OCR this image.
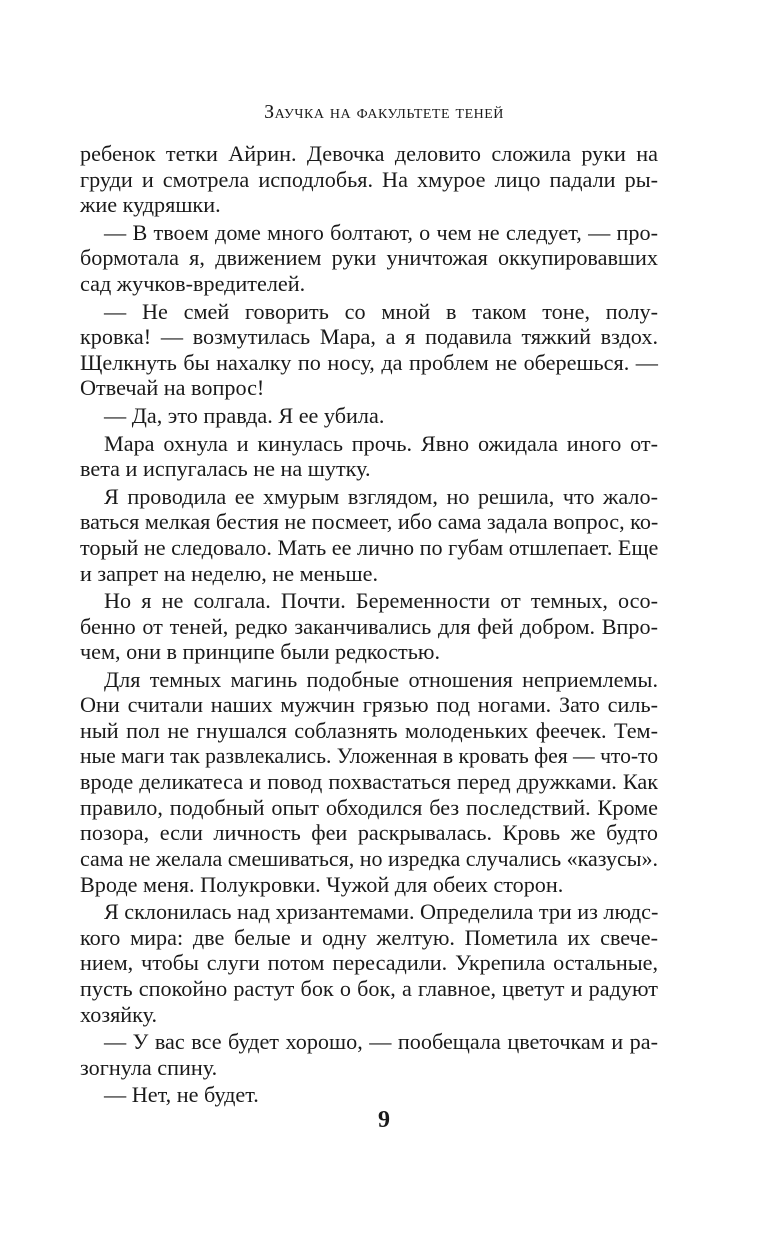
Заучка на факультете теней
ребенок тетки Айрин. Девочка деловито сложила руки на
груди и смотрела исподлобья. На хмурое лицо падали ры-
жие кудряшки.
— В твоем доме много болтают, о чем не следует, — про-
бормотала я, движением руки уничтожая оккупировавших
сад жучков-вредителей.
— Не смей говорить со мной в таком тоне, полу-
кровка! — возмутилась Мара, а я подавила тяжкий вздох.
Щелкнуть бы нахалку по носу, да проблем не оберешься. —
Отвечай на вопрос!
— Да, это правда. Я ее убила.
Мара охнула и кинулась прочь. Явно ожидала иного от-
вета и испугалась не на шутку.
Я проводила ее хмурым взглядом, но решила, что жало-
ваться мелкая бестия не посмеет, ибо сама задала вопрос, ко-
торый не следовало. Мать ее лично по губам отшлепает. Еще
и запрет на неделю, не меньше.
Но я не солгала. Почти. Беременности от темных, осо-
бенно от теней, редко заканчивались для фей добром. Впро-
чем, они в принципе были редкостью.
Для темных магинь подобные отношения неприемлемы.
Они считали наших мужчин грязью под ногами. Зато силь-
ный пол не гнушался соблазнять молоденьких феечек. Тем-
ные маги так развлекались. Уложенная в кровать фея — что-то
вроде деликатеса и повод похвастаться перед дружками. Как
правило, подобный опыт обходился без последствий. Кроме
позора, если личность феи раскрывалась. Кровь же будто
сама не желала смешиваться, но изредка случались «казусы».
Вроде меня. Полукровки. Чужой для обеих сторон.
Я склонилась над хризантемами. Определила три из людс-
кого мира: две белые и одну желтую. Пометила их свече-
нием, чтобы слуги потом пересадили. Укрепила остальные,
пусть спокойно растут бок о бок, а главное, цветут и радуют
хозяйку.
— У вас все будет хорошо, — пообещала цветочкам и ра-
зогнула спину.
— Нет, не будет.
9
